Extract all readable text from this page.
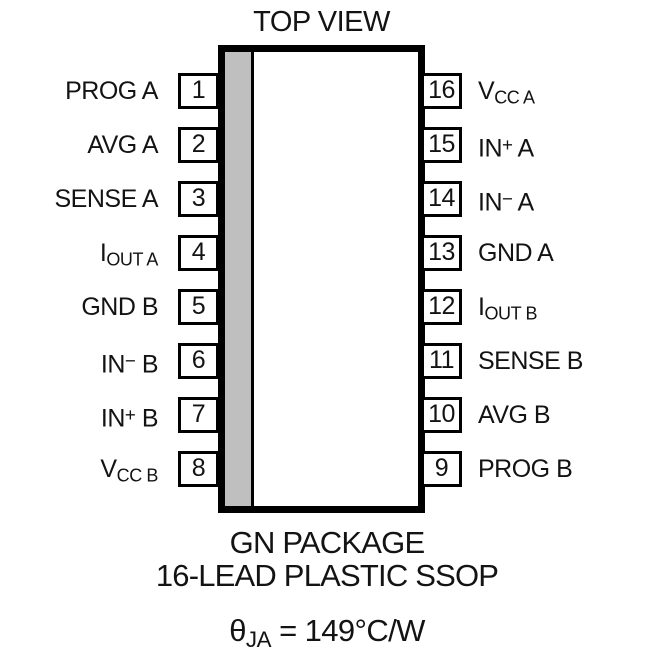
TOP VIEW
1
PROG A
2
AVG A
3
SENSE A
4
IOUT A
5
GND B
6
IN− B
7
IN+ B
8
VCC B
16 VCC A
15 IN+ A
14 IN− A
13 GND A
12 IOUT B
11 SENSE B
10 AVG B
9	PROG B
GN PACKAGE
16-LEAD PLASTIC SSOP
θJA = 149°C/W
